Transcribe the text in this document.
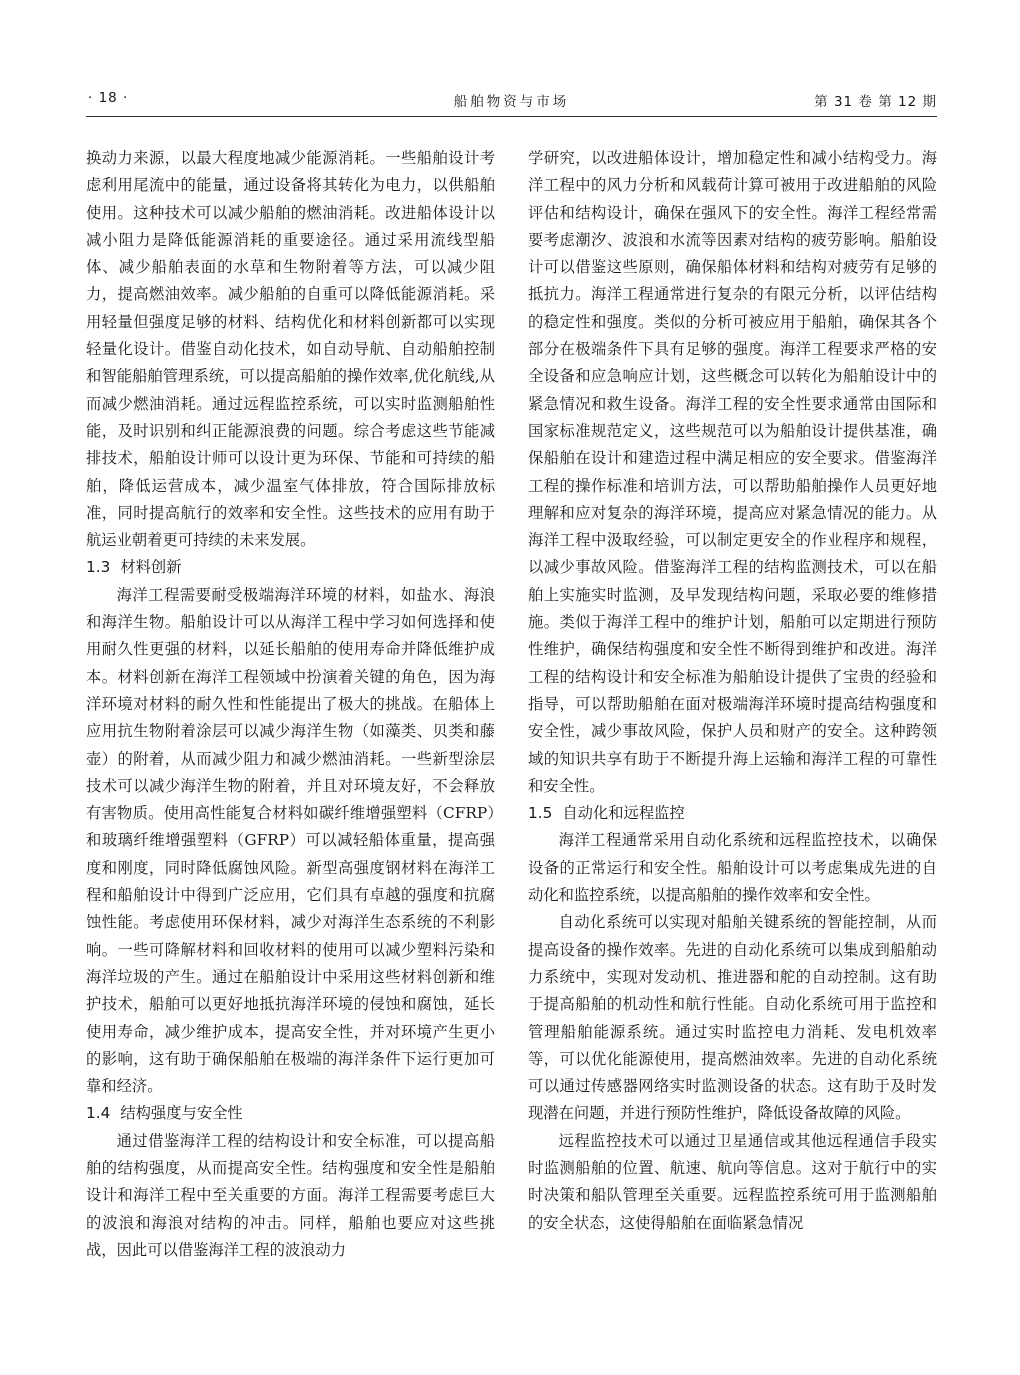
· 18 ·	船舶物资与市场	第 31 卷 第 12 期

换动力来源，以最大程度地减少能源消耗。一些船舶设计考虑利用尾流中的能量，通过设备将其转化为电力，以供船舶使用。这种技术可以减少船舶的燃油消耗。改进船体设计以减小阻力是降低能源消耗的重要途径。通过采用流线型船体、减少船舶表面的水草和生物附着等方法，可以减少阻力，提高燃油效率。减少船舶的自重可以降低能源消耗。采用轻量但强度足够的材料、结构优化和材料创新都可以实现轻量化设计。借鉴自动化技术，如自动导航、自动船舶控制和智能船舶管理系统，可以提高船舶的操作效率,优化航线,从而减少燃油消耗。通过远程监控系统，可以实时监测船舶性能，及时识别和纠正能源浪费的问题。综合考虑这些节能减排技术，船舶设计师可以设计更为环保、节能和可持续的船舶，降低运营成本，减少温室气体排放，符合国际排放标准，同时提高航行的效率和安全性。这些技术的应用有助于航运业朝着更可持续的未来发展。

1.3 材料创新

海洋工程需要耐受极端海洋环境的材料，如盐水、海浪和海洋生物。船舶设计可以从海洋工程中学习如何选择和使用耐久性更强的材料，以延长船舶的使用寿命并降低维护成本。材料创新在海洋工程领域中扮演着关键的角色，因为海洋环境对材料的耐久性和性能提出了极大的挑战。在船体上应用抗生物附着涂层可以减少海洋生物（如藻类、贝类和藤壶）的附着，从而减少阻力和减少燃油消耗。一些新型涂层技术可以减少海洋生物的附着，并且对环境友好，不会释放有害物质。使用高性能复合材料如碳纤维增强塑料（CFRP）和玻璃纤维增强塑料（GFRP）可以减轻船体重量，提高强度和刚度，同时降低腐蚀风险。新型高强度钢材料在海洋工程和船舶设计中得到广泛应用，它们具有卓越的强度和抗腐蚀性能。考虑使用环保材料，减少对海洋生态系统的不利影响。一些可降解材料和回收材料的使用可以减少塑料污染和海洋垃圾的产生。通过在船舶设计中采用这些材料创新和维护技术，船舶可以更好地抵抗海洋环境的侵蚀和腐蚀，延长使用寿命，减少维护成本，提高安全性，并对环境产生更小的影响，这有助于确保船舶在极端的海洋条件下运行更加可靠和经济。

1.4 结构强度与安全性

通过借鉴海洋工程的结构设计和安全标准，可以提高船舶的结构强度，从而提高安全性。结构强度和安全性是船舶设计和海洋工程中至关重要的方面。海洋工程需要考虑巨大的波浪和海浪对结构的冲击。同样，船舶也要应对这些挑战，因此可以借鉴海洋工程的波浪动力

学研究，以改进船体设计，增加稳定性和减小结构受力。海洋工程中的风力分析和风载荷计算可被用于改进船舶的风险评估和结构设计，确保在强风下的安全性。海洋工程经常需要考虑潮汐、波浪和水流等因素对结构的疲劳影响。船舶设计可以借鉴这些原则，确保船体材料和结构对疲劳有足够的抵抗力。海洋工程通常进行复杂的有限元分析，以评估结构的稳定性和强度。类似的分析可被应用于船舶，确保其各个部分在极端条件下具有足够的强度。海洋工程要求严格的安全设备和应急响应计划，这些概念可以转化为船舶设计中的紧急情况和救生设备。海洋工程的安全性要求通常由国际和国家标准规范定义，这些规范可以为船舶设计提供基准，确保船舶在设计和建造过程中满足相应的安全要求。借鉴海洋工程的操作标准和培训方法，可以帮助船舶操作人员更好地理解和应对复杂的海洋环境，提高应对紧急情况的能力。从海洋工程中汲取经验，可以制定更安全的作业程序和规程，以减少事故风险。借鉴海洋工程的结构监测技术，可以在船舶上实施实时监测，及早发现结构问题，采取必要的维修措施。类似于海洋工程中的维护计划，船舶可以定期进行预防性维护，确保结构强度和安全性不断得到维护和改进。海洋工程的结构设计和安全标准为船舶设计提供了宝贵的经验和指导，可以帮助船舶在面对极端海洋环境时提高结构强度和安全性，减少事故风险，保护人员和财产的安全。这种跨领域的知识共享有助于不断提升海上运输和海洋工程的可靠性和安全性。

1.5 自动化和远程监控

海洋工程通常采用自动化系统和远程监控技术，以确保设备的正常运行和安全性。船舶设计可以考虑集成先进的自动化和监控系统，以提高船舶的操作效率和安全性。

自动化系统可以实现对船舶关键系统的智能控制，从而提高设备的操作效率。先进的自动化系统可以集成到船舶动力系统中，实现对发动机、推进器和舵的自动控制。这有助于提高船舶的机动性和航行性能。自动化系统可用于监控和管理船舶能源系统。通过实时监控电力消耗、发电机效率等，可以优化能源使用，提高燃油效率。先进的自动化系统可以通过传感器网络实时监测设备的状态。这有助于及时发现潜在问题，并进行预防性维护，降低设备故障的风险。

远程监控技术可以通过卫星通信或其他远程通信手段实时监测船舶的位置、航速、航向等信息。这对于航行中的实时决策和船队管理至关重要。远程监控系统可用于监测船舶的安全状态，这使得船舶在面临紧急情况
